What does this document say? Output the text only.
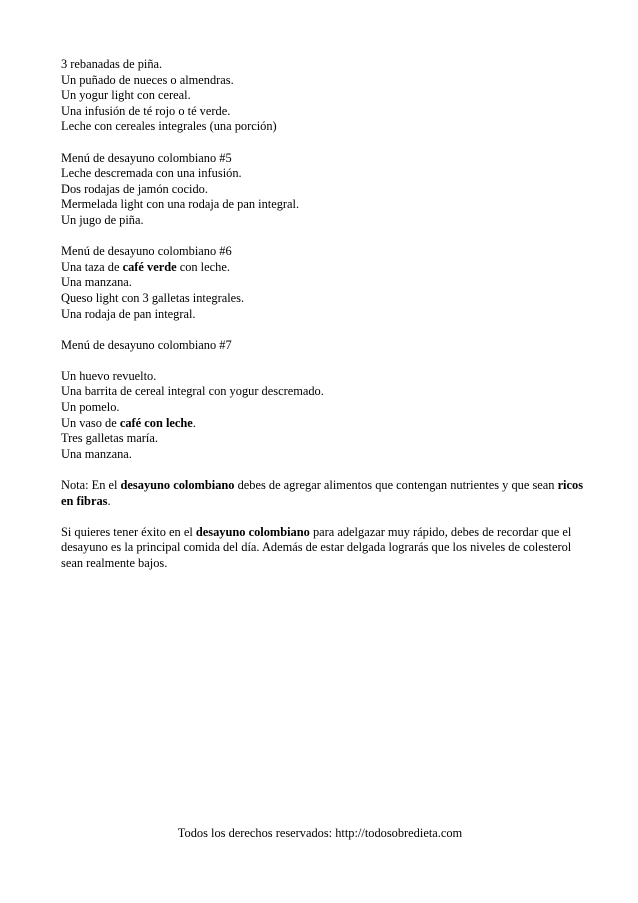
3 rebanadas de piña.
Un puñado de nueces o almendras.
Un yogur light con cereal.
Una infusión de té rojo o té verde.
Leche con cereales integrales (una porción)
Menú de desayuno colombiano #5
Leche descremada con una infusión.
Dos rodajas de jamón cocido.
Mermelada light con una rodaja de pan integral.
Un jugo de piña.
Menú de desayuno colombiano #6
Una taza de café verde con leche.
Una manzana.
Queso light con 3 galletas integrales.
Una rodaja de pan integral.
Menú de desayuno colombiano #7
Un huevo revuelto.
Una barrita de cereal integral con yogur descremado.
Un pomelo.
Un vaso de café con leche.
Tres galletas maría.
Una manzana.

Nota: En el desayuno colombiano debes de agregar alimentos que contengan nutrientes y que sean ricos en fibras.

Si quieres tener éxito en el desayuno colombiano para adelgazar muy rápido, debes de recordar que el desayuno es la principal comida del día. Además de estar delgada lograrás que los niveles de colesterol sean realmente bajos.

Todos los derechos reservados: http://todosobredieta.com
